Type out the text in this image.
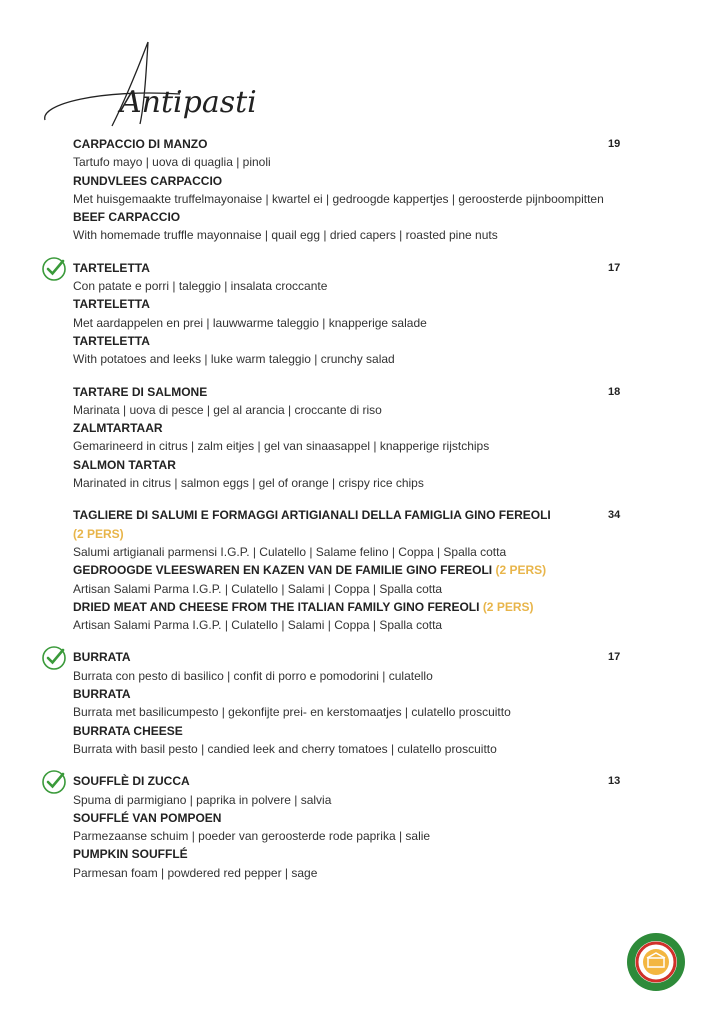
Antipasti
19
CARPACCIO DI MANZO
Tartufo mayo | uova di quaglia | pinoli
RUNDVLEES CARPACCIO
Met huisgemaakte truffelmayonaise | kwartel ei | gedroogde kappertjes | geroosterde pijnboompitten
BEEF CARPACCIO
With homemade truffle mayonnaise | quail egg | dried capers | roasted pine nuts
17
TARTELETTA
Con patate e porri | taleggio | insalata croccante
TARTELETTA
Met aardappelen en prei | lauwwarme taleggio | knapperige salade
TARTELETTA
With potatoes and leeks | luke warm taleggio | crunchy salad
18
TARTARE DI SALMONE
Marinata | uova di pesce | gel al arancia | croccante di riso
ZALMTARTAAR
Gemarineerd in citrus | zalm eitjes | gel van sinaasappel | knapperige rijstchips
SALMON TARTAR
Marinated in citrus | salmon eggs | gel of orange | crispy rice chips
34
TAGLIERE DI SALUMI E FORMAGGI ARTIGIANALI DELLA FAMIGLIA GINO FEREOLI (2 PERS)
Salumi artigianali parmensi I.G.P. | Culatello | Salame felino | Coppa | Spalla cotta
GEDROOGDE VLEESWAREN EN KAZEN VAN DE FAMILIE GINO FEREOLI (2 PERS)
Artisan Salami Parma I.G.P. | Culatello | Salami | Coppa | Spalla cotta
DRIED MEAT AND CHEESE FROM THE ITALIAN FAMILY GINO FEREOLI (2 PERS)
Artisan Salami Parma I.G.P. | Culatello | Salami | Coppa | Spalla cotta
17
BURRATA
Burrata con pesto di basilico | confit di porro e pomodorini | culatello
BURRATA
Burrata met basilicumpesto | gekonfijte prei- en kerstomaatjes | culatello proscuitto
BURRATA CHEESE
Burrata with basil pesto | candied leek and cherry tomatoes | culatello proscuitto
13
SOUFFLÈ DI ZUCCA
Spuma di parmigiano | paprika in polvere | salvia
SOUFFLÉ VAN POMPOEN
Parmezaanse schuim | poeder van geroosterde rode paprika | salie
PUMPKIN SOUFFLÉ
Parmesan foam | powdered red pepper | sage
